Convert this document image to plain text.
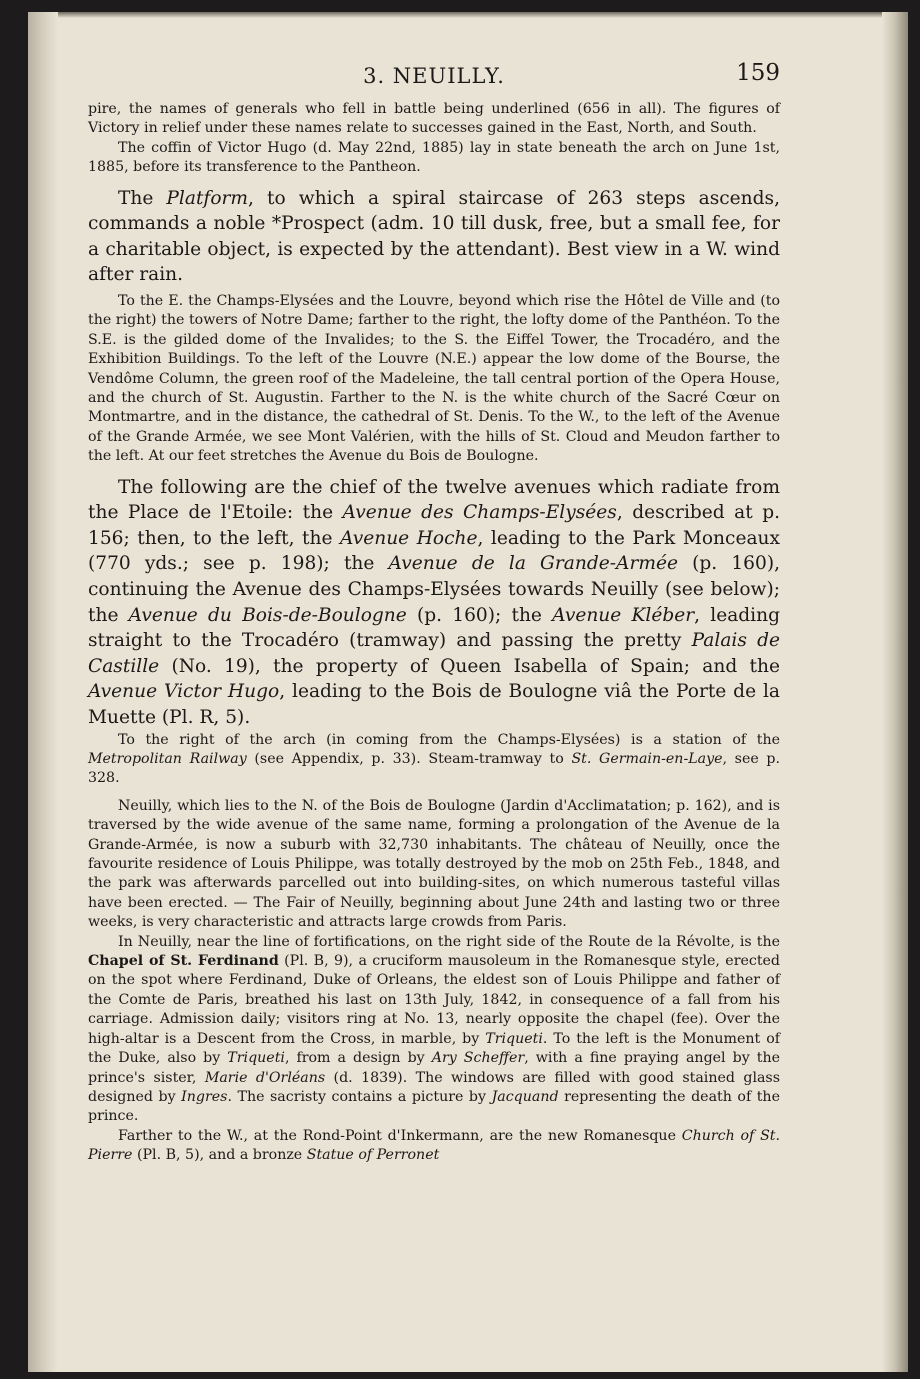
3. NEUILLY.	159

pire, the names of generals who fell in battle being underlined (656 in all). The figures of Victory in relief under these names relate to successes gained in the East, North, and South.

The coffin of Victor Hugo (d. May 22nd, 1885) lay in state beneath the arch on June 1st, 1885, before its transference to the Pantheon.

The Platform, to which a spiral staircase of 263 steps ascends, commands a noble *Prospect (adm. 10 till dusk, free, but a small fee, for a charitable object, is expected by the attendant). Best view in a W. wind after rain.

To the E. the Champs-Elysées and the Louvre, beyond which rise the Hôtel de Ville and (to the right) the towers of Notre Dame; farther to the right, the lofty dome of the Panthéon. To the S.E. is the gilded dome of the Invalides; to the S. the Eiffel Tower, the Trocadéro, and the Exhibition Buildings. To the left of the Louvre (N.E.) appear the low dome of the Bourse, the Vendôme Column, the green roof of the Madeleine, the tall central portion of the Opera House, and the church of St. Augustin. Farther to the N. is the white church of the Sacré Cœur on Montmartre, and in the distance, the cathedral of St. Denis. To the W., to the left of the Avenue of the Grande Armée, we see Mont Valérien, with the hills of St. Cloud and Meudon farther to the left. At our feet stretches the Avenue du Bois de Boulogne.

The following are the chief of the twelve avenues which radiate from the Place de l'Etoile: the Avenue des Champs-Elysées, described at p. 156; then, to the left, the Avenue Hoche, leading to the Park Monceaux (770 yds.; see p. 198); the Avenue de la Grande-Armée (p. 160), continuing the Avenue des Champs-Elysées towards Neuilly (see below); the Avenue du Bois-de-Boulogne (p. 160); the Avenue Kléber, leading straight to the Trocadéro (tramway) and passing the pretty Palais de Castille (No. 19), the property of Queen Isabella of Spain; and the Avenue Victor Hugo, leading to the Bois de Boulogne viâ the Porte de la Muette (Pl. R, 5).

To the right of the arch (in coming from the Champs-Elysées) is a station of the Metropolitan Railway (see Appendix, p. 33). Steam-tramway to St. Germain-en-Laye, see p. 328.

Neuilly, which lies to the N. of the Bois de Boulogne (Jardin d'Acclimatation; p. 162), and is traversed by the wide avenue of the same name, forming a prolongation of the Avenue de la Grande-Armée, is now a suburb with 32,730 inhabitants. The château of Neuilly, once the favourite residence of Louis Philippe, was totally destroyed by the mob on 25th Feb., 1848, and the park was afterwards parcelled out into building-sites, on which numerous tasteful villas have been erected. — The Fair of Neuilly, beginning about June 24th and lasting two or three weeks, is very characteristic and attracts large crowds from Paris.

In Neuilly, near the line of fortifications, on the right side of the Route de la Révolte, is the Chapel of St. Ferdinand (Pl. B, 9), a cruciform mausoleum in the Romanesque style, erected on the spot where Ferdinand, Duke of Orleans, the eldest son of Louis Philippe and father of the Comte de Paris, breathed his last on 13th July, 1842, in consequence of a fall from his carriage. Admission daily; visitors ring at No. 13, nearly opposite the chapel (fee). Over the high-altar is a Descent from the Cross, in marble, by Triqueti. To the left is the Monument of the Duke, also by Triqueti, from a design by Ary Scheffer, with a fine praying angel by the prince's sister, Marie d'Orléans (d. 1839). The windows are filled with good stained glass designed by Ingres. The sacristy contains a picture by Jacquand representing the death of the prince.

Farther to the W., at the Rond-Point d'Inkermann, are the new Romanesque Church of St. Pierre (Pl. B, 5), and a bronze Statue of Perronet
